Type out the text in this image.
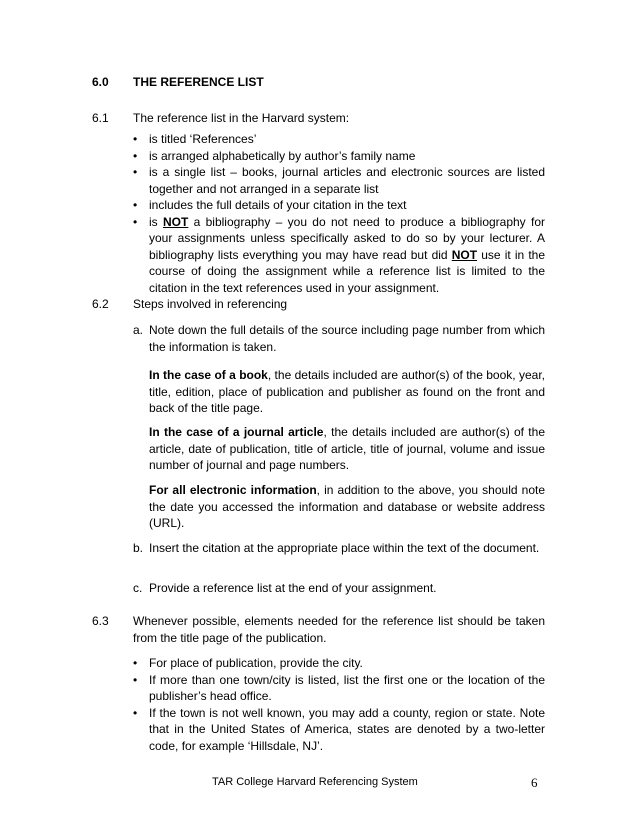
6.0 THE REFERENCE LIST
6.1 The reference list in the Harvard system:
• is titled ‘References’
• is arranged alphabetically by author’s family name
• is a single list – books, journal articles and electronic sources are listed together and not arranged in a separate list
• includes the full details of your citation in the text
• is NOT a bibliography – you do not need to produce a bibliography for your assignments unless specifically asked to do so by your lecturer. A bibliography lists everything you may have read but did NOT use it in the course of doing the assignment while a reference list is limited to the citation in the text references used in your assignment.
6.2 Steps involved in referencing
a. Note down the full details of the source including page number from which the information is taken.
In the case of a book, the details included are author(s) of the book, year, title, edition, place of publication and publisher as found on the front and back of the title page.
In the case of a journal article, the details included are author(s) of the article, date of publication, title of article, title of journal, volume and issue number of journal and page numbers.
For all electronic information, in addition to the above, you should note the date you accessed the information and database or website address (URL).
b. Insert the citation at the appropriate place within the text of the document.
c. Provide a reference list at the end of your assignment.
6.3 Whenever possible, elements needed for the reference list should be taken from the title page of the publication.
• For place of publication, provide the city.
• If more than one town/city is listed, list the first one or the location of the publisher’s head office.
• If the town is not well known, you may add a county, region or state. Note that in the United States of America, states are denoted by a two-letter code, for example ‘Hillsdale, NJ’.
TAR College Harvard Referencing System	6
